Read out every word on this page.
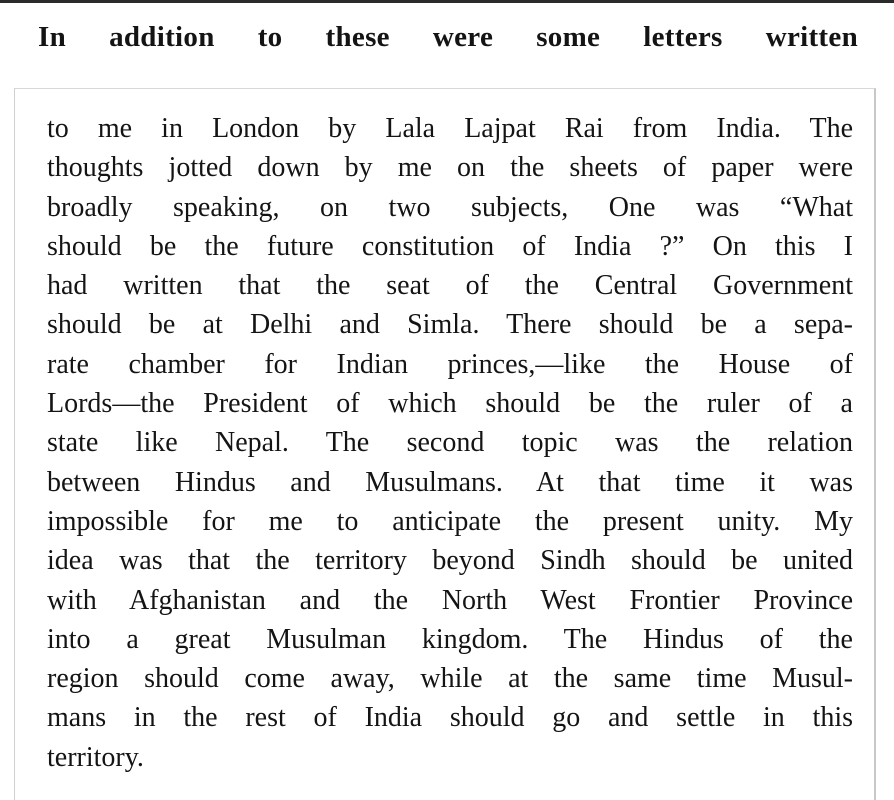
In addition to these were some letters written
to me in London by Lala Lajpat Rai from India. The
thoughts jotted down by me on the sheets of paper were
broadly speaking, on two subjects, One was “What
should be the future constitution of India ?” On this I
had written that the seat of the Central Government
should be at Delhi and Simla. There should be a sepa-
rate chamber for Indian princes,—like the House of
Lords—the President of which should be the ruler of a
state like Nepal. The second topic was the relation
between Hindus and Musulmans. At that time it was
impossible for me to anticipate the present unity. My
idea was that the territory beyond Sindh should be united
with Afghanistan and the North West Frontier Province
into a great Musulman kingdom. The Hindus of the
region should come away, while at the same time Musul-
mans in the rest of India should go and settle in this
territory.
